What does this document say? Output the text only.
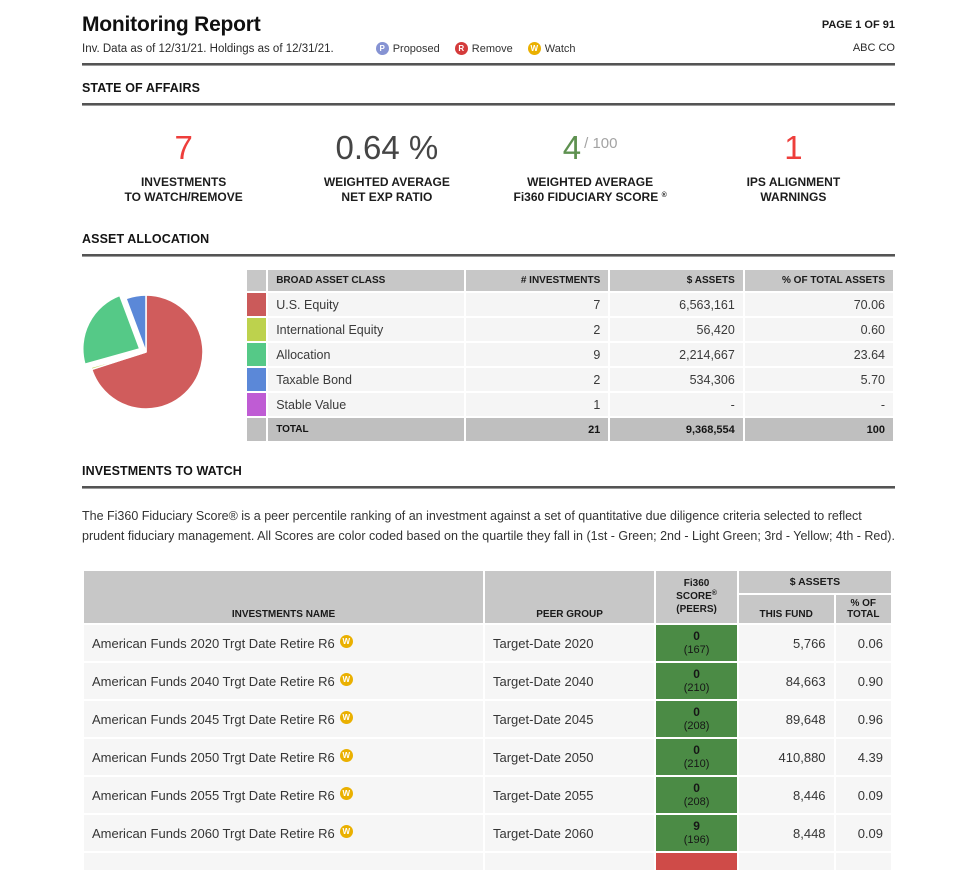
PAGE 1 OF 91
ABC CO
Monitoring Report
Inv. Data as of 12/31/21. Holdings as of 12/31/21.	P Proposed	R Remove	W Watch
STATE OF AFFAIRS
7
INVESTMENTS
TO WATCH/REMOVE
0.64 %
WEIGHTED AVERAGE
NET EXP RATIO
4 $^{/ 100}$
WEIGHTED AVERAGE
Fi360 FIDUCIARY SCORE ®
1
IPS ALIGNMENT
WARNINGS
ASSET ALLOCATION
	BROAD ASSET CLASS	# INVESTMENTS	$ ASSETS	% OF TOTAL ASSETS
	U.S. Equity	7	6,563,161	70.06
	International Equity	2	56,420	0.60
	Allocation	9	2,214,667	23.64
	Taxable Bond	2	534,306	5.70
	Stable Value	1	-	-
	TOTAL	21	9,368,554	100
INVESTMENTS TO WATCH
The Fi360 Fiduciary Score® is a peer percentile ranking of an investment against a set of quantitative due diligence criteria selected to reflect prudent fiduciary management. All Scores are color coded based on the quartile they fall in (1st - Green; 2nd - Light Green; 3rd - Yellow; 4th - Red).
INVESTMENTS NAME	PEER GROUP	Fi360
SCORE®
(PEERS)	$ ASSETS	
			THIS FUND	% OF
TOTAL
American Funds 2020 Trgt Date Retire R6 W	Target-Date 2020	0
(167)	5,766	0.06
American Funds 2040 Trgt Date Retire R6 W	Target-Date 2040	0
(210)	84,663	0.90
American Funds 2045 Trgt Date Retire R6 W	Target-Date 2045	0
(208)	89,648	0.96
American Funds 2050 Trgt Date Retire R6 W	Target-Date 2050	0
(210)	410,880	4.39
American Funds 2055 Trgt Date Retire R6 W	Target-Date 2055	0
(208)	8,446	0.09
American Funds 2060 Trgt Date Retire R6 W	Target-Date 2060	9
(196)	8,448	0.09
